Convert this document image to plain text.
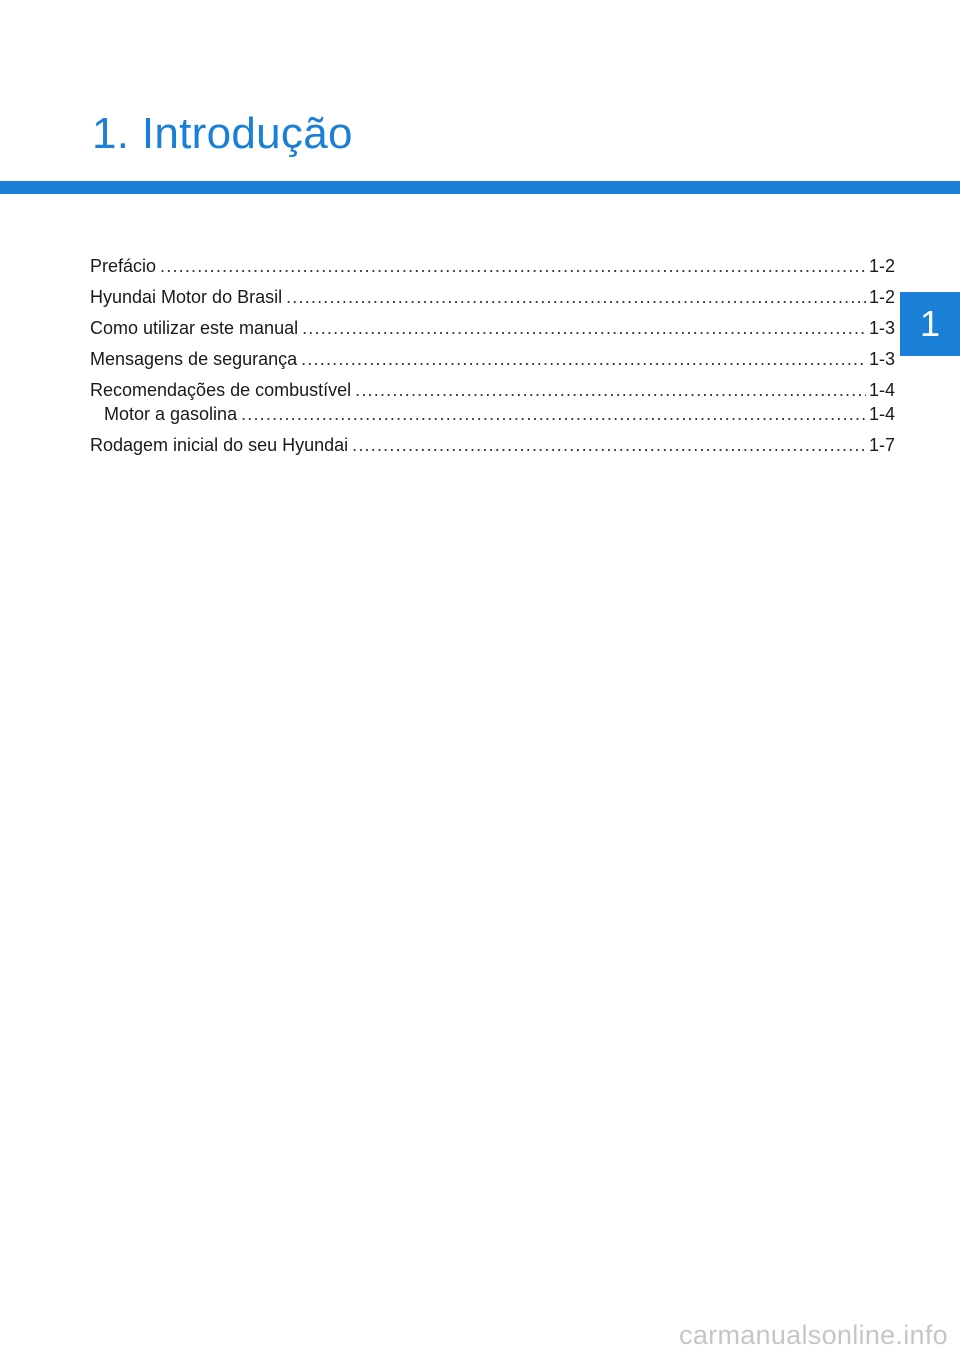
1. Introdução
1
Prefácio .....	1-2
Hyundai Motor do Brasil .....	1-2
Como utilizar este manual .....	1-3
Mensagens de segurança .....	1-3
Recomendações de combustível .....	1-4
Motor a gasolina .....	1-4
Rodagem inicial do seu Hyundai .....	1-7
carmanualsonline.info
